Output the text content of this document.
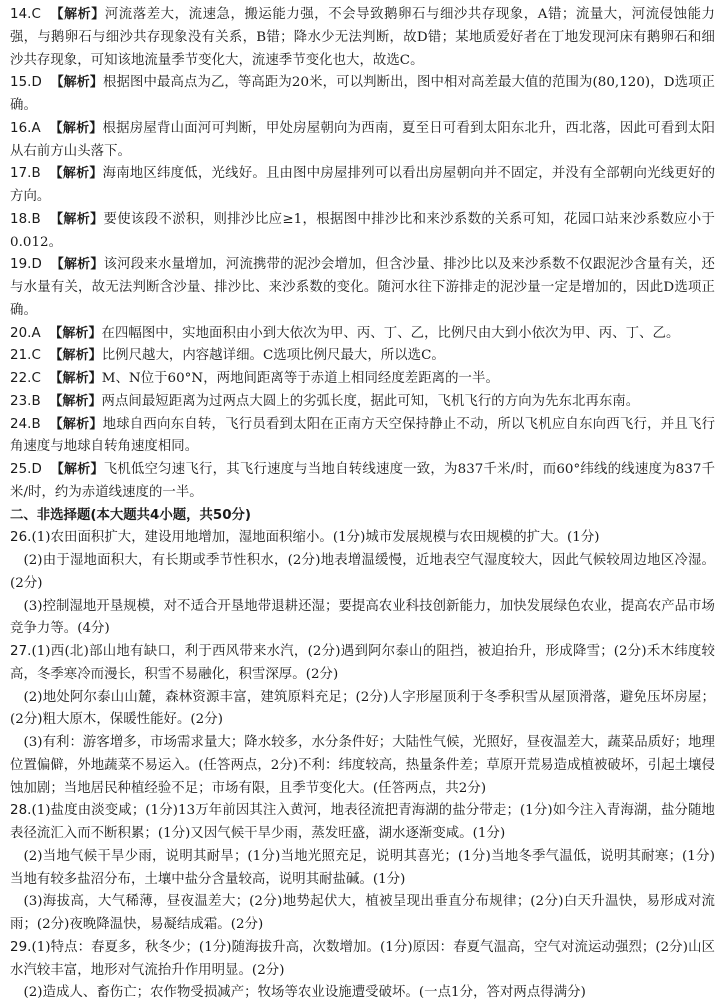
14.C 【解析】河流落差大，流速急，搬运能力强，不会导致鹅卵石与细沙共存现象，A错；流量大，河流侵蚀能力强，与鹅卵石与细沙共存现象没有关系，B错；降水少无法判断，故D错；某地质爱好者在丁地发现河床有鹅卵石和细沙共存现象，可知该地流量季节变化大，流速季节变化也大，故选C。

15.D 【解析】根据图中最高点为乙，等高距为20米，可以判断出，图中相对高差最大值的范围为(80,120)，D选项正确。

16.A 【解析】根据房屋背山面河可判断，甲处房屋朝向为西南，夏至日可看到太阳东北升，西北落，因此可看到太阳从右前方山头落下。

17.B 【解析】海南地区纬度低，光线好。且由图中房屋排列可以看出房屋朝向并不固定，并没有全部朝向光线更好的方向。

18.B 【解析】要使该段不淤积，则排沙比应≥1，根据图中排沙比和来沙系数的关系可知，花园口站来沙系数应小于0.012。

19.D 【解析】该河段来水量增加，河流携带的泥沙会增加，但含沙量、排沙比以及来沙系数不仅跟泥沙含量有关，还与水量有关，故无法判断含沙量、排沙比、来沙系数的变化。随河水往下游排走的泥沙量一定是增加的，因此D选项正确。

20.A 【解析】在四幅图中，实地面积由小到大依次为甲、丙、丁、乙，比例尺由大到小依次为甲、丙、丁、乙。

21.C 【解析】比例尺越大，内容越详细。C选项比例尺最大，所以选C。

22.C 【解析】M、N位于60°N，两地间距离等于赤道上相同经度差距离的一半。

23.B 【解析】两点间最短距离为过两点大圆上的劣弧长度，据此可知，飞机飞行的方向为先东北再东南。

24.B 【解析】地球自西向东自转，飞行员看到太阳在正南方天空保持静止不动，所以飞机应自东向西飞行，并且飞行角速度与地球自转角速度相同。

25.D 【解析】飞机低空匀速飞行，其飞行速度与当地自转线速度一致，为837千米/时，而60°纬线的线速度为837千米/时，约为赤道线速度的一半。

二、非选择题(本大题共4小题，共50分)

26.(1)农田面积扩大，建设用地增加，湿地面积缩小。(1分)城市发展规模与农田规模的扩大。(1分)

 (2)由于湿地面积大，有长期或季节性积水，(2分)地表增温缓慢，近地表空气湿度较大，因此气候较周边地区冷湿。(2分)

 (3)控制湿地开垦规模，对不适合开垦地带退耕还湿；要提高农业科技创新能力，加快发展绿色农业，提高农产品市场竞争力等。(4分)

27.(1)西(北)部山地有缺口，利于西风带来水汽，(2分)遇到阿尔泰山的阻挡，被迫抬升，形成降雪；(2分)禾木纬度较高，冬季寒冷而漫长，积雪不易融化，积雪深厚。(2分)

 (2)地处阿尔泰山山麓，森林资源丰富，建筑原料充足；(2分)人字形屋顶利于冬季积雪从屋顶滑落，避免压坏房屋；(2分)粗大原木，保暖性能好。(2分)

 (3)有利：游客增多，市场需求量大；降水较多，水分条件好；大陆性气候，光照好，昼夜温差大，蔬菜品质好；地理位置偏僻，外地蔬菜不易运入。(任答两点，2分)不利：纬度较高，热量条件差；草原开荒易造成植被破坏，引起土壤侵蚀加剧；当地居民种植经验不足；市场有限，且季节变化大。(任答两点，共2分)

28.(1)盐度由淡变咸；(1分)13万年前因其注入黄河，地表径流把青海湖的盐分带走；(1分)如今注入青海湖，盐分随地表径流汇入而不断积累；(1分)又因气候干旱少雨，蒸发旺盛，湖水逐渐变咸。(1分)

 (2)当地气候干旱少雨，说明其耐旱；(1分)当地光照充足，说明其喜光；(1分)当地冬季气温低，说明其耐寒；(1分)当地有较多盐沼分布，土壤中盐分含量较高，说明其耐盐碱。(1分)

 (3)海拔高，大气稀薄，昼夜温差大；(2分)地势起伏大，植被呈现出垂直分布规律；(2分)白天升温快，易形成对流雨；(2分)夜晚降温快，易凝结成霜。(2分)

29.(1)特点：春夏多，秋冬少；(1分)随海拔升高，次数增加。(1分)原因：春夏气温高，空气对流运动强烈；(2分)山区水汽较丰富，地形对气流抬升作用明显。(2分)

 (2)造成人、畜伤亡；农作物受损减产；牧场等农业设施遭受破坏。(一点1分，答对两点得满分)
